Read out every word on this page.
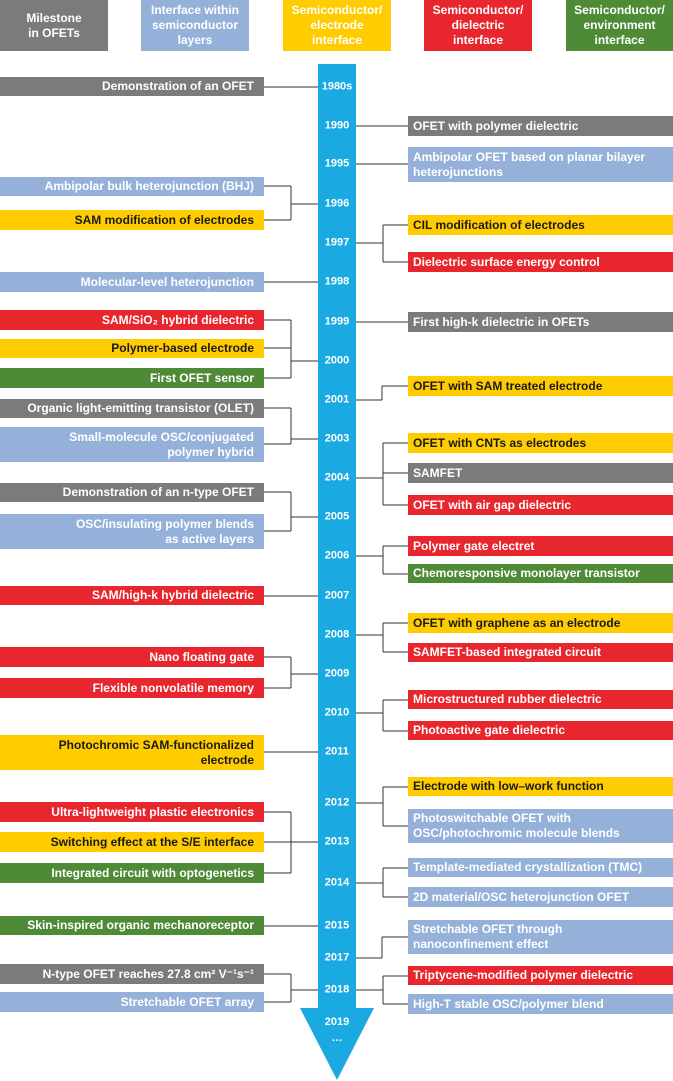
Milestone
in OFETs
Interface within
semiconductor
layers
Semiconductor/
electrode
interface
Semiconductor/
dielectric
interface
Semiconductor/
environment
interface
Demonstration of an OFET
Ambipolar bulk heterojunction (BHJ)
SAM modification of electrodes
Molecular-level heterojunction
SAM/SiO₂ hybrid dielectric
Polymer-based electrode
First OFET sensor
Organic light-emitting transistor (OLET)
Small-molecule OSC/conjugated
polymer hybrid
Demonstration of an n-type OFET
OSC/insulating polymer blends
as active layers
SAM/high-k hybrid dielectric
Nano floating gate
Flexible nonvolatile memory
Photochromic SAM-functionalized
electrode
Ultra-lightweight plastic electronics
Switching effect at the S/E interface
Integrated circuit with optogenetics
Skin-inspired organic mechanoreceptor
N-type OFET reaches 27.8 cm² V⁻¹s⁻¹
Stretchable OFET array
OFET with polymer dielectric
Ambipolar OFET based on planar bilayer
heterojunctions
CIL modification of electrodes
Dielectric surface energy control
First high-k dielectric in OFETs
OFET with SAM treated electrode
OFET with CNTs as electrodes
SAMFET
OFET with air gap dielectric
Polymer gate electret
Chemoresponsive monolayer transistor
OFET with graphene as an electrode
SAMFET-based integrated circuit
Microstructured rubber dielectric
Photoactive gate dielectric
Electrode with low–work function
Photoswitchable OFET with
OSC/photochromic molecule blends
Template-mediated crystallization (TMC)
2D material/OSC heterojunction OFET
Stretchable OFET through
nanoconfinement effect
Triptycene-modified polymer dielectric
High-T stable OSC/polymer blend
1980s
1990
1995
1996
1997
1998
1999
2000
2001
2003
2004
2005
2006
2007
2008
2009
2010
2011
2012
2013
2014
2015
2017
2018
2019
…
